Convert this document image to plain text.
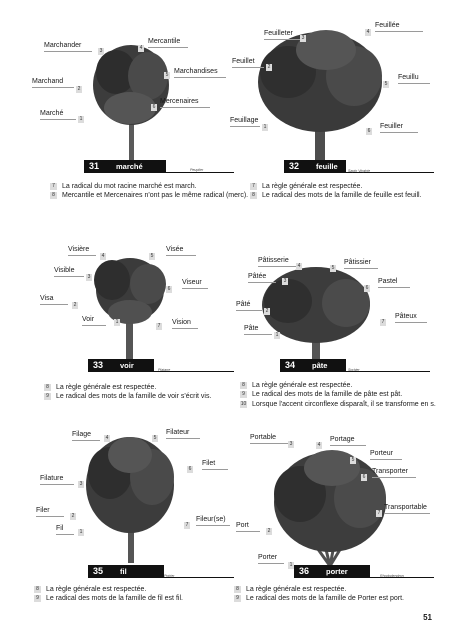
Marchander
3
Mercantile
4
Marchand
2
Marchandises
5
Mercenaires
6
Marché
1
31 marché	Peuplier
7	La radical du mot racine marché est march.
8	Mercantile et Mercenaires n'ont pas le même radical (merc).
Feuilleter
3
Feuillée
4
Feuillet
2
Feuillu
5
Feuillage
1	Feuiller
6
32 feuille	Sapin Virginie
7	La règle générale est respectée.
8	Le radical des mots de la famille de feuille est feuill.
Visière
4
Visée
5
Visible
3
Viseur
6
Visa
2
Voir	1	Vision
7
33 voir	Platane
8	La règle générale est respectée.
9	Le radical des mots de la famille de voir s'écrit vis.
Pâtisserie
4	Pâtissier
5
Pâtée
3	Pastel
6
Pâté
2
Pâteux
7
Pâte
1
34 pâte	Sorbier
8	La règle générale est respectée.
9	Le radical des mots de la famille de pâte est pât.
10 Lorsque l'accent circonflexe disparaît, il se transforme en s.
Filage	4
Filateur
5
Filet
6
Filature
3
Filer
2	Fileur(se)
7
Fil	1
35 fil	Poirier
8	La règle générale est respectée.
9	Le radical des mots de la famille de fil est fil.
Portable
3
Portage
4
Porteur
5
Transporter
6
Transportable
7
Port
2
Porter
1
36 porter	Rhododendron
8	La règle générale est respectée.
9	Le radical des mots de la famille de Porter est port.
51
